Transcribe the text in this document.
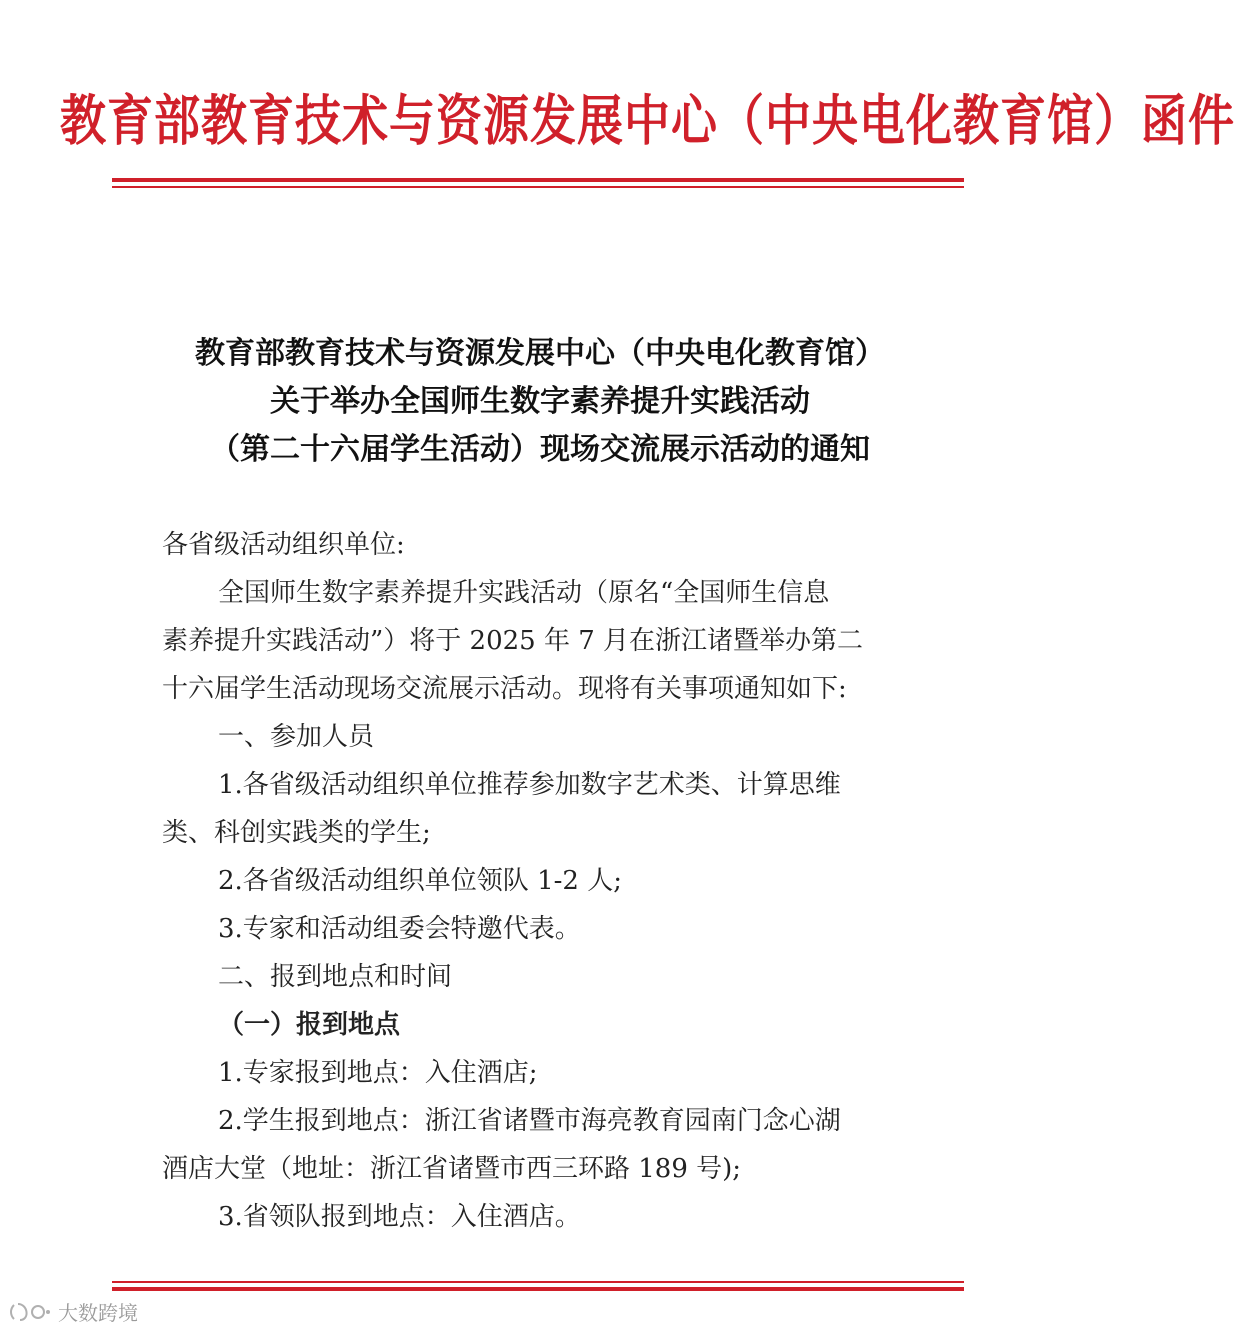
教育部教育技术与资源发展中心（中央电化教育馆）函件
教育部教育技术与资源发展中心（中央电化教育馆）
关于举办全国师生数字素养提升实践活动
（第二十六届学生活动）现场交流展示活动的通知
各省级活动组织单位:
全国师生数字素养提升实践活动（原名“全国师生信息
素养提升实践活动”）将于 2025 年 7 月在浙江诸暨举办第二
十六届学生活动现场交流展示活动。现将有关事项通知如下:
一、参加人员
1.各省级活动组织单位推荐参加数字艺术类、计算思维
类、科创实践类的学生;
2.各省级活动组织单位领队 1-2 人;
3.专家和活动组委会特邀代表。
二、报到地点和时间
（一）报到地点
1.专家报到地点：入住酒店;
2.学生报到地点：浙江省诸暨市海亮教育园南门念心湖
酒店大堂（地址：浙江省诸暨市西三环路 189 号);
3.省领队报到地点：入住酒店。
大数跨境
